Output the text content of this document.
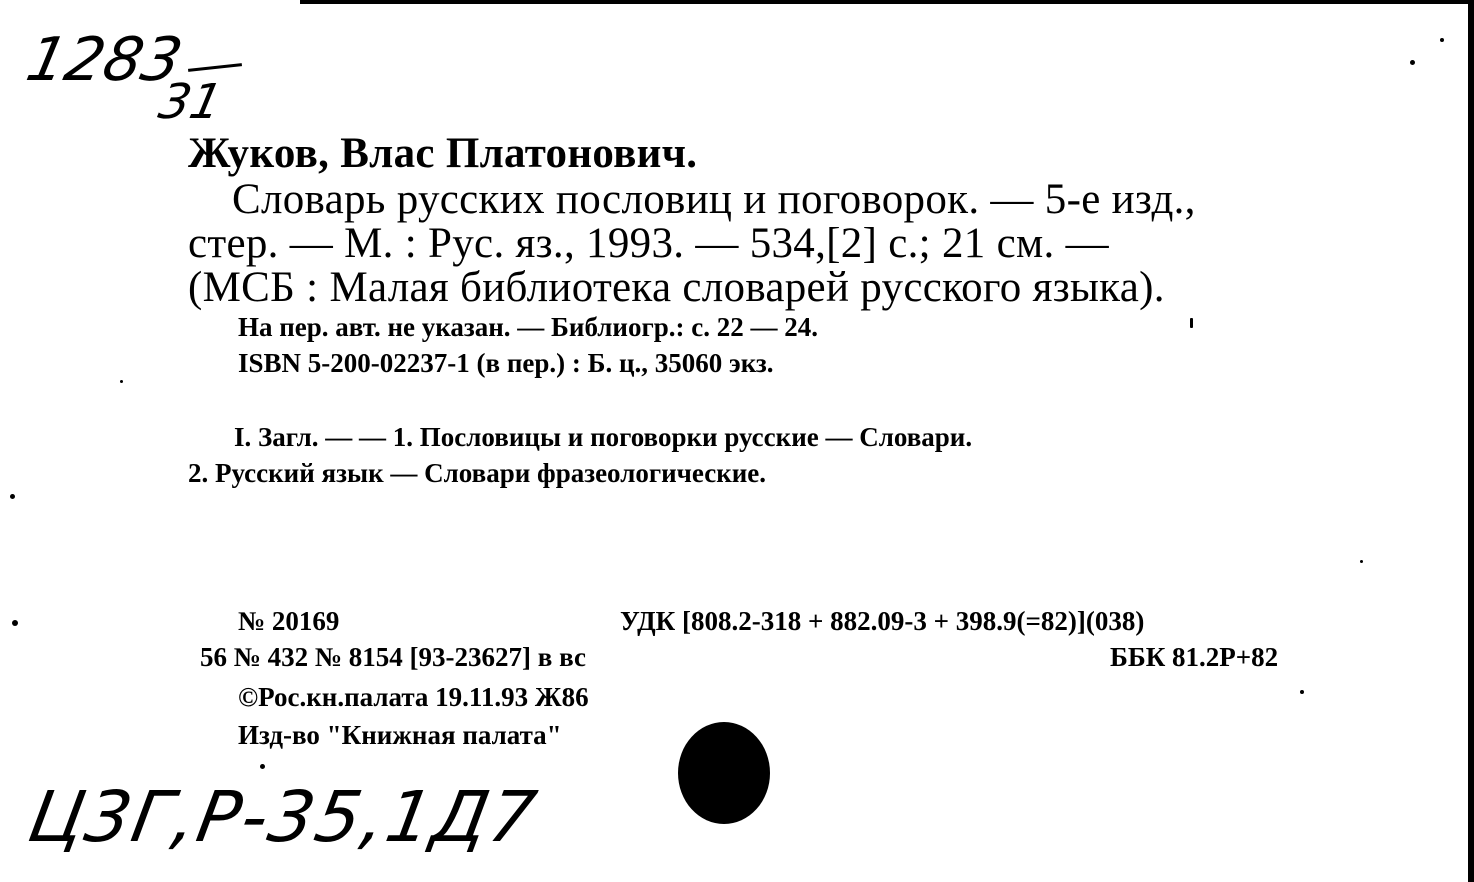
1283
31
Жуков, Влас Платонович.
Словарь русских пословиц и поговорок. — 5-е изд.,
стер. — М. : Рус. яз., 1993. — 534,[2] с.; 21 см. —
(МСБ : Малая библиотека словарей русского языка).
На пер. авт. не указан. — Библиогр.: с. 22 — 24.
ISBN 5-200-02237-1 (в пер.) : Б. ц., 35060 экз.
I. Загл. — — 1. Пословицы и поговорки русские — Словари.
2. Русский язык — Словари фразеологические.
№ 20169	УДК [808.2-318 + 882.09-3 + 398.9(=82)](038)
56 № 432 № 8154 [93-23627] в вс	ББК 81.2Р+82
©Рос.кн.палата 19.11.93 Ж86
Изд-во "Книжная палата"
Ц3Г,Р-35,1Д7
